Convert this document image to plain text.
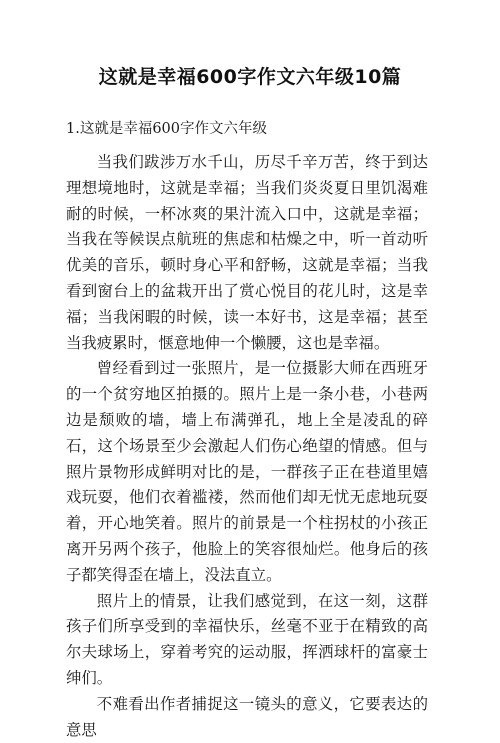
这就是幸福600字作文六年级10篇
1.这就是幸福600字作文六年级

当我们跋涉万水千山，历尽千辛万苦，终于到达理想境地时，这就是幸福；当我们炎炎夏日里饥渴难耐的时候，一杯冰爽的果汁流入口中，这就是幸福；当我在等候误点航班的焦虑和枯燥之中，听一首动听优美的音乐，顿时身心平和舒畅，这就是幸福；当我看到窗台上的盆栽开出了赏心悦目的花儿时，这是幸福；当我闲暇的时候，读一本好书，这是幸福；甚至当我疲累时，惬意地伸一个懒腰，这也是幸福。

曾经看到过一张照片，是一位摄影大师在西班牙的一个贫穷地区拍摄的。照片上是一条小巷，小巷两边是颓败的墙，墙上布满弹孔，地上全是凌乱的碎石，这个场景至少会激起人们伤心绝望的情感。但与照片景物形成鲜明对比的是，一群孩子正在巷道里嬉戏玩耍，他们衣着褴褛，然而他们却无忧无虑地玩耍着，开心地笑着。照片的前景是一个柱拐杖的小孩正离开另两个孩子，他脸上的笑容很灿烂。他身后的孩子都笑得歪在墙上，没法直立。

照片上的情景，让我们感觉到，在这一刻，这群孩子们所享受到的幸福快乐，丝毫不亚于在精致的高尔夫球场上，穿着考究的运动服，挥洒球杆的富豪士绅们。

不难看出作者捕捉这一镜头的意义，它要表达的意思
